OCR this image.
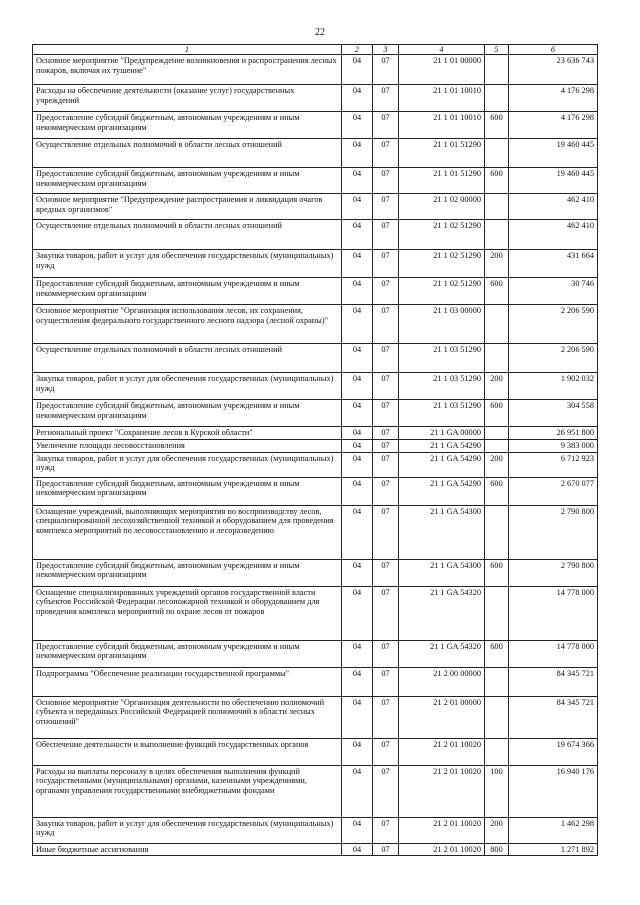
22
1	2	3	4	5	6
Основное мероприятие "Предупреждение возникновения и распространения лесных пожаров, включая их тушение"	04	07	21 1 01 00000		23 636 743
Расходы на обеспечение деятельности (оказание услуг) государственных учреждений	04	07	21 1 01 10010		4 176 298
Предоставление субсидий бюджетным, автономным учреждениям и иным некоммерческим организациям	04	07	21 1 01 10010	600	4 176 298
Осуществление отдельных полномочий в области лесных отношений	04	07	21 1 01 51290		19 460 445
Предоставление субсидий бюджетным, автономным учреждениям и иным некоммерческим организациям	04	07	21 1 01 51290	600	19 460 445
Основное мероприятие "Предупреждение распространения и ликвидация очагов вредных организмов"	04	07	21 1 02 00000		462 410
Осуществление отдельных полномочий в области лесных отношений	04	07	21 1 02 51290		462 410
Закупка товаров, работ и услуг для обеспечения государственных (муниципальных) нужд	04	07	21 1 02 51290	200	431 664
Предоставление субсидий бюджетным, автономным учреждениям и иным некоммерческим организациям	04	07	21 1 02 51290	600	30 746
Основное мероприятие "Организация использования лесов, их сохранения, осуществления федерального государственного лесного надзора (лесной охраны)"	04	07	21 1 03 00000		2 206 590
Осуществление отдельных полномочий в области лесных отношений	04	07	21 1 03 51290		2 206 590
Закупка товаров, работ и услуг для обеспечения государственных (муниципальных) нужд	04	07	21 1 03 51290	200	1 902 032
Предоставление субсидий бюджетным, автономным учреждениям и иным некоммерческим организациям	04	07	21 1 03 51290	600	304 558
Региональный проект "Сохранение лесов в Курской области"	04	07	21 1 GA 00000		26 951 800
Увеличение площади лесовосстановления	04	07	21 1 GA 54290		9 383 000
Закупка товаров, работ и услуг для обеспечения государственных (муниципальных) нужд	04	07	21 1 GA 54290	200	6 712 923
Предоставление субсидий бюджетным, автономным учреждениям и иным некоммерческим организациям	04	07	21 1 GA 54290	600	2 670 077
Оснащение учреждений, выполняющих мероприятия по воспроизводству лесов, специализированной лесохозяйственной техникой и оборудованием для проведения комплекса мероприятий по лесовосстановлению и лесоразведению	04	07	21 1 GA 54300		2 790 800
Предоставление субсидий бюджетным, автономным учреждениям и иным некоммерческим организациям	04	07	21 1 GA 54300	600	2 790 800
Оснащение специализированных учреждений органов государственной власти субъектов Российской Федерации лесопожарной техникой и оборудованием для проведения комплекса мероприятий по охране лесов от пожаров	04	07	21 1 GA 54320		14 778 000
Предоставление субсидий бюджетным, автономным учреждениям и иным некоммерческим организациям	04	07	21 1 GA 54320	600	14 778 000
Подпрограмма "Обеспечение реализации государственной программы"	04	07	21 2 00 00000		84 345 721
Основное мероприятие "Организация деятельности по обеспечению полномочий субъекта и переданных Российской Федерацией полномочий в области лесных отношений"	04	07	21 2 01 00000		84 345 721
Обеспечение деятельности и выполнение функций государственных органов	04	07	21 2 01 10020		19 674 366
Расходы на выплаты персоналу в целях обеспечения выполнения функций государственными (муниципальными) органами, казенными учреждениями, органами управления государственными внебюджетными фондами	04	07	21 2 01 10020	100	16 940 176
Закупка товаров, работ и услуг для обеспечения государственных (муниципальных) нужд	04	07	21 2 01 10020	200	1 462 298
Иные бюджетные ассигнования	04	07	21 2 01 10020	800	1 271 892
